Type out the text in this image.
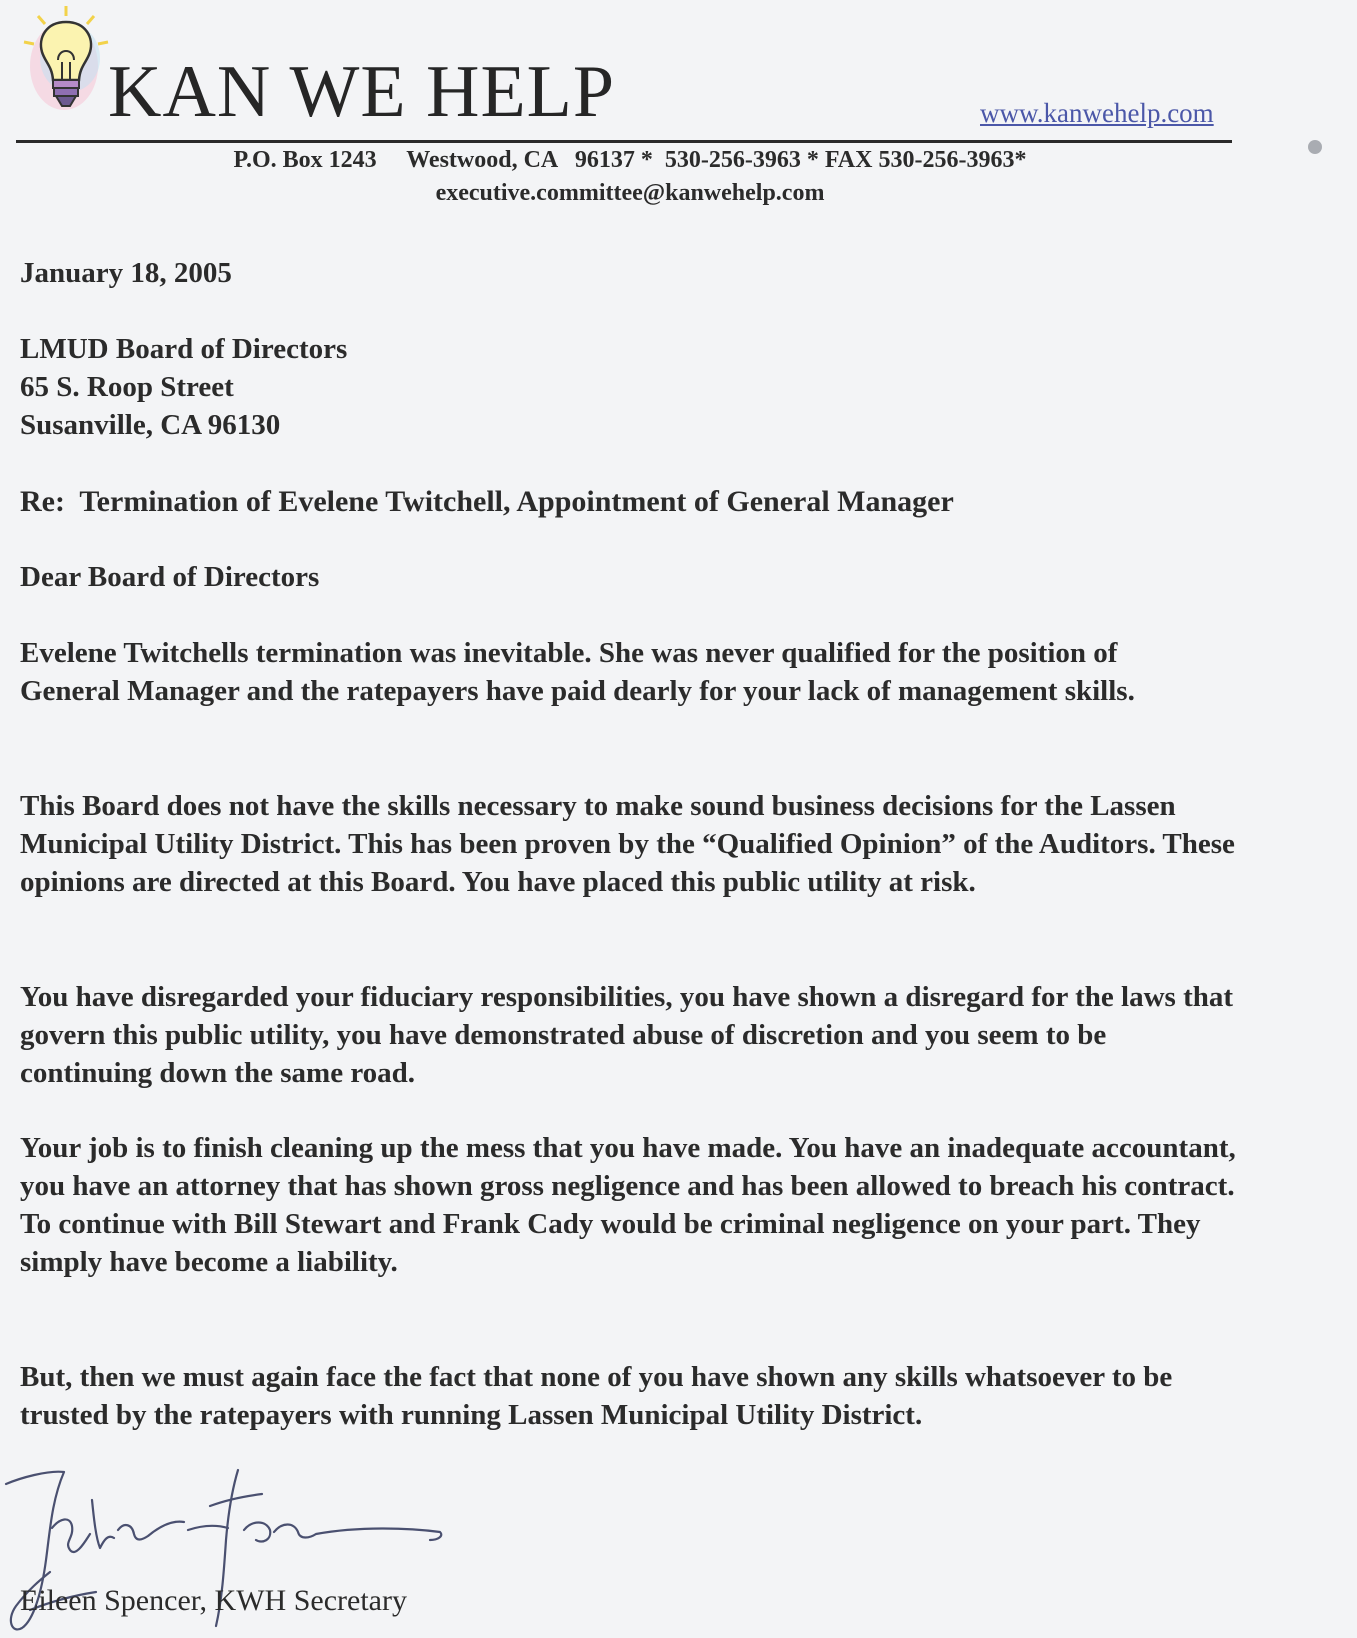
KAN WE HELP	www.kanwehelp.com
P.O. Box 1243     Westwood, CA   96137 *  530-256-3963 * FAX 530-256-3963*
executive.committee@kanwehelp.com
January 18, 2005
LMUD Board of Directors
65 S. Roop Street
Susanville, CA 96130
Re:  Termination of Evelene Twitchell, Appointment of General Manager
Dear Board of Directors

Evelene Twitchells termination was inevitable. She was never qualified for the position of General Manager and the ratepayers have paid dearly for your lack of management skills.

This Board does not have the skills necessary to make sound business decisions for the Lassen Municipal Utility District. This has been proven by the “Qualified Opinion” of the Auditors. These opinions are directed at this Board. You have placed this public utility at risk.

You have disregarded your fiduciary responsibilities, you have shown a disregard for the laws that govern this public utility, you have demonstrated abuse of discretion and you seem to be continuing down the same road.

Your job is to finish cleaning up the mess that you have made. You have an inadequate accountant, you have an attorney that has shown gross negligence and has been allowed to breach his contract. To continue with Bill Stewart and Frank Cady would be criminal negligence on your part. They simply have become a liability.

But, then we must again face the fact that none of you have shown any skills whatsoever to be trusted by the ratepayers with running Lassen Municipal Utility District.

Eileen Spencer, KWH Secretary
